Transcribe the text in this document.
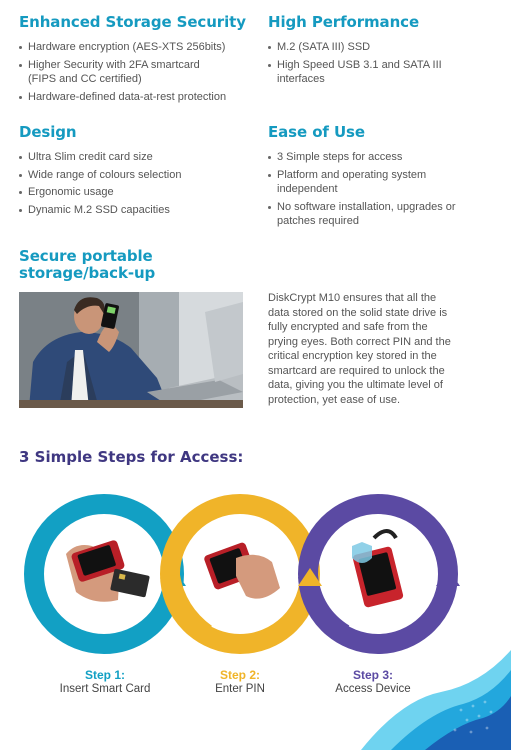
Enhanced Storage Security
Hardware encryption (AES-XTS 256bits)
Higher Security with 2FA smartcard (FIPS and CC certified)
Hardware-defined data-at-rest protection
High Performance
M.2 (SATA III) SSD
High Speed USB 3.1 and SATA III interfaces
Design
Ultra Slim credit card size
Wide range of colours selection
Ergonomic usage
Dynamic M.2 SSD capacities
Ease of Use
3 Simple steps for access
Platform and operating system independent
No software installation, upgrades or patches required
Secure portable
storage/back-up

DiskCrypt M10 ensures that all the data stored on the solid state drive is fully encrypted and safe from the prying eyes. Both correct PIN and the critical encryption key stored in the smartcard are required to unlock the data, giving you the ultimate level of protection, yet ease of use.

3 Simple Steps for Access:
Step 1:
Insert Smart Card
Step 2:
Enter PIN
Step 3:
Access Device
